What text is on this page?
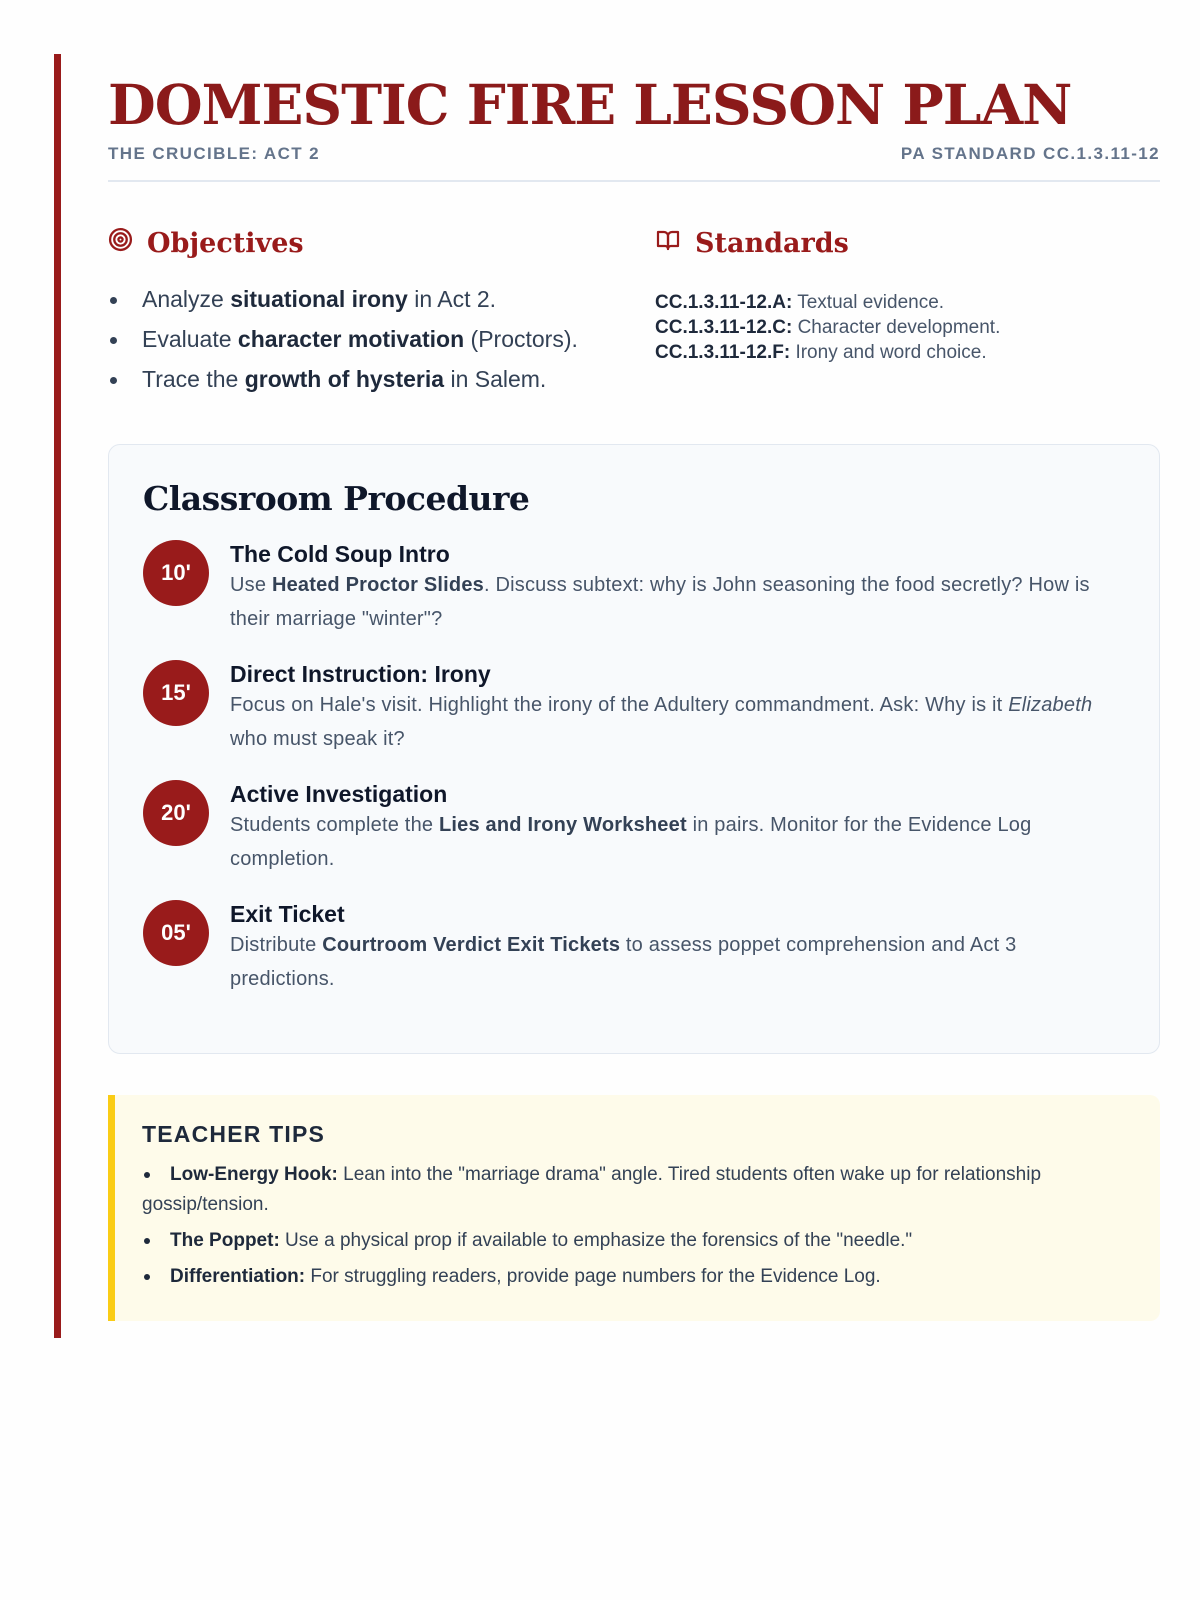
DOMESTIC FIRE LESSON PLAN
THE CRUCIBLE: ACT 2	PA STANDARD CC.1.3.11-12
Objectives
Analyze situational irony in Act 2.
Evaluate character motivation (Proctors).
Trace the growth of hysteria in Salem.
Standards
CC.1.3.11-12.A: Textual evidence.
CC.1.3.11-12.C: Character development.
CC.1.3.11-12.F: Irony and word choice.
Classroom Procedure
10'
The Cold Soup Intro
Use Heated Proctor Slides. Discuss subtext: why is John seasoning the food secretly? How is their marriage "winter"?
15'
Direct Instruction: Irony
Focus on Hale's visit. Highlight the irony of the Adultery commandment. Ask: Why is it Elizabeth who must speak it?
20'
Active Investigation
Students complete the Lies and Irony Worksheet in pairs. Monitor for the Evidence Log completion.
05'
Exit Ticket
Distribute Courtroom Verdict Exit Tickets to assess poppet comprehension and Act 3 predictions.
TEACHER TIPS
Low-Energy Hook: Lean into the "marriage drama" angle. Tired students often wake up for relationship gossip/tension.
The Poppet: Use a physical prop if available to emphasize the forensics of the "needle."
Differentiation: For struggling readers, provide page numbers for the Evidence Log.
